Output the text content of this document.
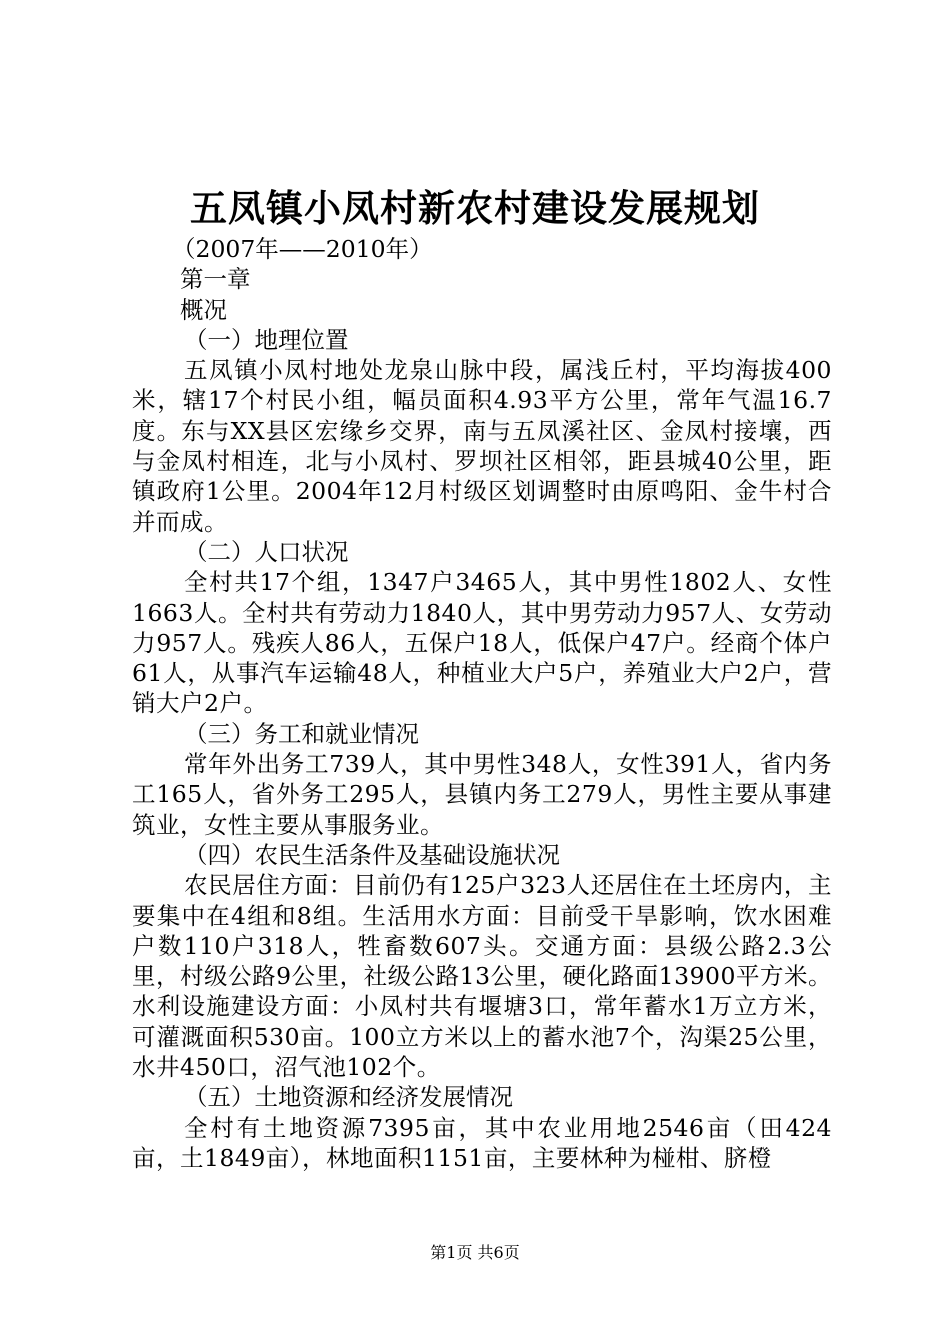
五凤镇小凤村新农村建设发展规划

（2007年——2010年）

第一章

概况

（一）地理位置

五凤镇小凤村地处龙泉山脉中段，属浅丘村，平均海拔400米，辖17个村民小组，幅员面积4.93平方公里，常年气温16.7度。东与XX县区宏缘乡交界，南与五凤溪社区、金凤村接壤，西与金凤村相连，北与小凤村、罗坝社区相邻，距县城40公里，距镇政府1公里。2004年12月村级区划调整时由原鸣阳、金牛村合并而成。

（二）人口状况

全村共17个组，1347户3465人，其中男性1802人、女性1663人。全村共有劳动力1840人，其中男劳动力957人、女劳动力957人。残疾人86人，五保户18人，低保户47户。经商个体户61人，从事汽车运输48人，种植业大户5户，养殖业大户2户，营销大户2户。

（三）务工和就业情况

常年外出务工739人，其中男性348人，女性391人，省内务工165人，省外务工295人，县镇内务工279人，男性主要从事建筑业，女性主要从事服务业。

（四）农民生活条件及基础设施状况

农民居住方面：目前仍有125户323人还居住在土坯房内，主要集中在4组和8组。生活用水方面：目前受干旱影响，饮水困难户数110户318人，牲畜数607头。交通方面：县级公路2.3公里，村级公路9公里，社级公路13公里，硬化路面13900平方米。水利设施建设方面：小凤村共有堰塘3口，常年蓄水1万立方米，可灌溉面积530亩。100立方米以上的蓄水池7个，沟渠25公里，水井450口，沼气池102个。

（五）土地资源和经济发展情况

全村有土地资源7395亩，其中农业用地2546亩（田424亩，土1849亩），林地面积1151亩，主要林种为椪柑、脐橙

第1页 共6页
